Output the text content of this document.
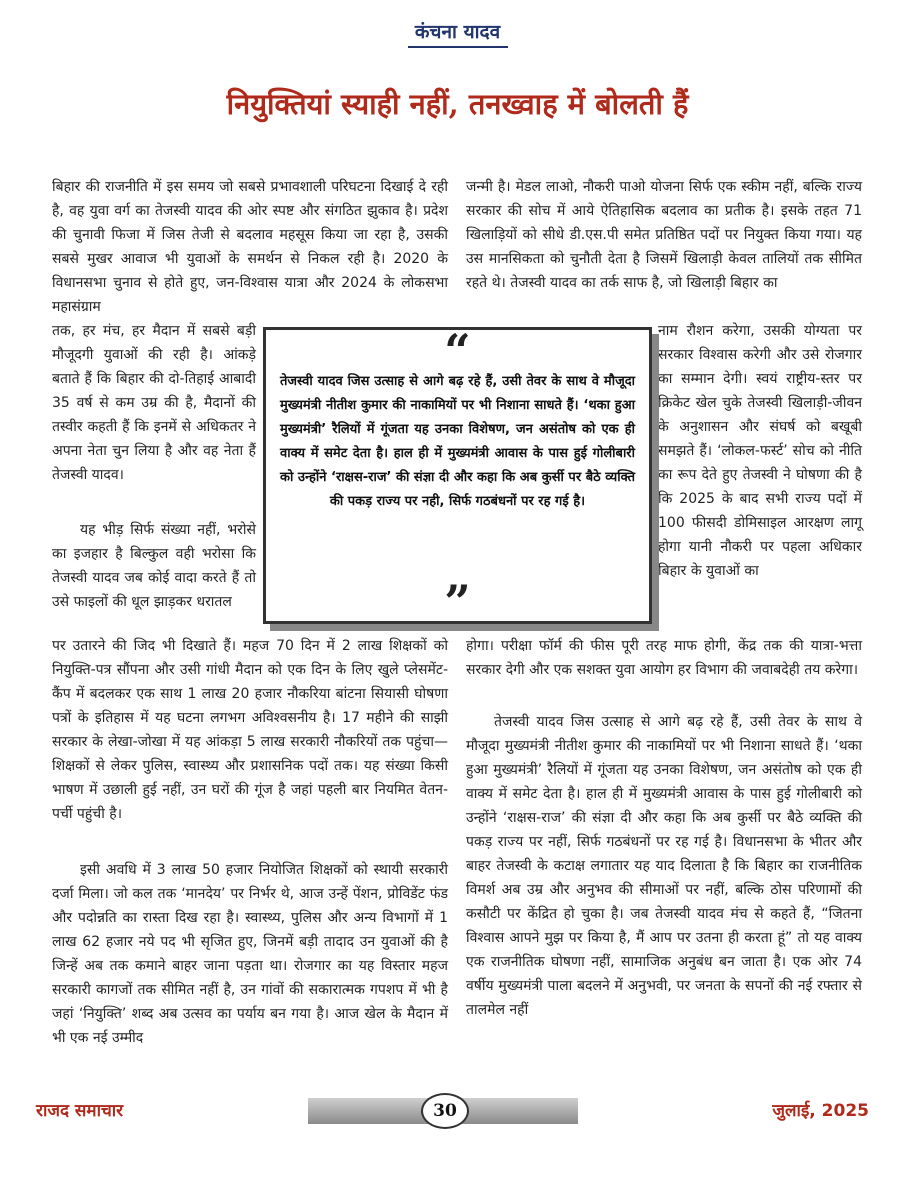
कंचना यादव
नियुक्तियां स्याही नहीं, तनख्वाह में बोलती हैं

बिहार की राजनीति में इस समय जो सबसे प्रभावशाली परिघटना दिखाई दे रही है, वह युवा वर्ग का तेजस्वी यादव की ओर स्पष्ट और संगठित झुकाव है। प्रदेश की चुनावी फिजा में जिस तेजी से बदलाव महसूस किया जा रहा है, उसकी सबसे मुखर आवाज भी युवाओं के समर्थन से निकल रही है। 2020 के विधानसभा चुनाव से होते हुए, जन-विश्वास यात्रा और 2024 के लोकसभा महासंग्राम

तक, हर मंच, हर मैदान में सबसे बड़ी मौजूदगी युवाओं की रही है। आंकड़े बताते हैं कि बिहार की दो-तिहाई आबादी 35 वर्ष से कम उम्र की है, मैदानों की तस्वीर कहती हैं कि इनमें से अधिकतर ने अपना नेता चुन लिया है और वह नेता हैं तेजस्वी यादव।

यह भीड़ सिर्फ संख्या नहीं, भरोसे का इजहार है बिल्कुल वही भरोसा कि तेजस्वी यादव जब कोई वादा करते हैं तो उसे फाइलों की धूल झाड़कर धरातल

पर उतारने की जिद भी दिखाते हैं। महज 70 दिन में 2 लाख शिक्षकों को नियुक्ति-पत्र सौंपना और उसी गांधी मैदान को एक दिन के लिए खुले प्लेसमेंट-कैंप में बदलकर एक साथ 1 लाख 20 हजार नौकरिया बांटना सियासी घोषणा पत्रों के इतिहास में यह घटना लगभग अविश्वसनीय है। 17 महीने की साझी सरकार के लेखा-जोखा में यह आंकड़ा 5 लाख सरकारी नौकरियों तक पहुंचा—शिक्षकों से लेकर पुलिस, स्वास्थ्य और प्रशासनिक पदों तक। यह संख्या किसी भाषण में उछाली हुई नहीं, उन घरों की गूंज है जहां पहली बार नियमित वेतन-पर्ची पहुंची है।

इसी अवधि में 3 लाख 50 हजार नियोजित शिक्षकों को स्थायी सरकारी दर्जा मिला। जो कल तक ‘मानदेय’ पर निर्भर थे, आज उन्हें पेंशन, प्रोविडेंट फंड और पदोन्नति का रास्ता दिख रहा है। स्वास्थ्य, पुलिस और अन्य विभागों में 1 लाख 62 हजार नये पद भी सृजित हुए, जिनमें बड़ी तादाद उन युवाओं की है जिन्हें अब तक कमाने बाहर जाना पड़ता था। रोजगार का यह विस्तार महज सरकारी कागजों तक सीमित नहीं है, उन गांवों की सकारात्मक गपशप में भी है जहां ‘नियुक्ति’ शब्द अब उत्सव का पर्याय बन गया है। आज खेल के मैदान में भी एक नई उम्मीद

जन्मी है। मेडल लाओ, नौकरी पाओ योजना सिर्फ एक स्कीम नहीं, बल्कि राज्य सरकार की सोच में आये ऐतिहासिक बदलाव का प्रतीक है। इसके तहत 71 खिलाड़ियों को सीधे डी.एस.पी समेत प्रतिष्ठित पदों पर नियुक्त किया गया। यह उस मानसिकता को चुनौती देता है जिसमें खिलाड़ी केवल तालियों तक सीमित रहते थे। तेजस्वी यादव का तर्क साफ है, जो खिलाड़ी बिहार का

नाम रौशन करेगा, उसकी योग्यता पर सरकार विश्वास करेगी और उसे रोजगार का सम्मान देगी। स्वयं राष्ट्रीय-स्तर पर क्रिकेट खेल चुके तेजस्वी खिलाड़ी-जीवन के अनुशासन और संघर्ष को बखूबी समझते हैं। ‘लोकल-फर्स्ट’ सोच को नीति का रूप देते हुए तेजस्वी ने घोषणा की है कि 2025 के बाद सभी राज्य पदों में 100 फीसदी डोमिसाइल आरक्षण लागू होगा यानी नौकरी पर पहला अधिकार बिहार के युवाओं का

होगा। परीक्षा फॉर्म की फीस पूरी तरह माफ होगी, केंद्र तक की यात्रा-भत्ता सरकार देगी और एक सशक्त युवा आयोग हर विभाग की जवाबदेही तय करेगा।

तेजस्वी यादव जिस उत्साह से आगे बढ़ रहे हैं, उसी तेवर के साथ वे मौजूदा मुख्यमंत्री नीतीश कुमार की नाकामियों पर भी निशाना साधते हैं। ‘थका हुआ मुख्यमंत्री’ रैलियों में गूंजता यह उनका विशेषण, जन असंतोष को एक ही वाक्य में समेट देता है। हाल ही में मुख्यमंत्री आवास के पास हुई गोलीबारी को उन्होंने ‘राक्षस-राज’ की संज्ञा दी और कहा कि अब कुर्सी पर बैठे व्यक्ति की पकड़ राज्य पर नहीं, सिर्फ गठबंधनों पर रह गई है। विधानसभा के भीतर और बाहर तेजस्वी के कटाक्ष लगातार यह याद दिलाता है कि बिहार का राजनीतिक विमर्श अब उम्र और अनुभव की सीमाओं पर नहीं, बल्कि ठोस परिणामों की कसौटी पर केंद्रित हो चुका है। जब तेजस्वी यादव मंच से कहते हैं, “जितना विश्वास आपने मुझ पर किया है, मैं आप पर उतना ही करता हूं” तो यह वाक्य एक राजनीतिक घोषणा नहीं, सामाजिक अनुबंध बन जाता है। एक ओर 74 वर्षीय मुख्यमंत्री पाला बदलने में अनुभवी, पर जनता के सपनों की नई रफ्तार से तालमेल नहीं

“

तेजस्वी यादव जिस उत्साह से आगे बढ़ रहे हैं, उसी तेवर के साथ वे मौजूदा मुख्यमंत्री नीतीश कुमार की नाकामियों पर भी निशाना साधते हैं। ‘थका हुआ मुख्यमंत्री’ रैलियों में गूंजता यह उनका विशेषण, जन असंतोष को एक ही वाक्य में समेट देता है। हाल ही में मुख्यमंत्री आवास के पास हुई गोलीबारी को उन्होंने ‘राक्षस-राज’ की संज्ञा दी और कहा कि अब कुर्सी पर बैठे व्यक्ति की पकड़ राज्य पर नही, सिर्फ गठबंधनों पर रह गई है।

”
राजद समाचार	30	जुलाई, 2025
